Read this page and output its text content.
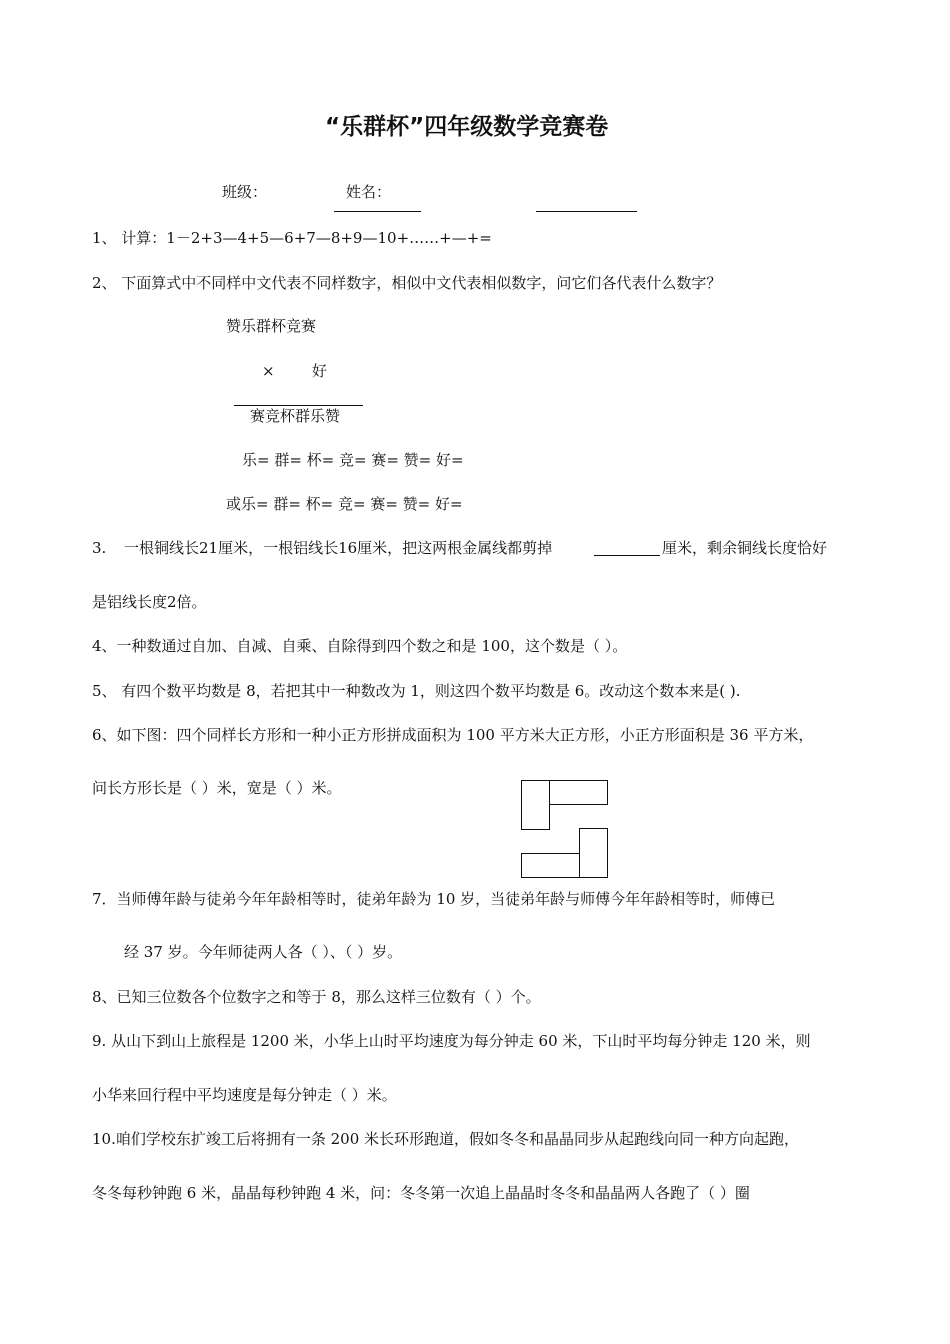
“乐群杯”四年级数学竞赛卷
班级：	姓名：
1、 计算：1－2+3—4+5—6+7—8+9—10+……+—+=
2、 下面算式中不同样中文代表不同样数字，相似中文代表相似数字，问它们各代表什么数字？
赞乐群杯竞赛
× 好
赛竞杯群乐赞
乐= 群= 杯= 竞= 赛= 赞= 好=
或乐= 群= 杯= 竞= 赛= 赞= 好=
3. 一根铜线长21厘米，一根铝线长16厘米，把这两根金属线都剪掉	厘米，剩余铜线长度恰好
是铝线长度2倍。
4、一种数通过自加、自减、自乘、自除得到四个数之和是 100，这个数是（ ）。
5、 有四个数平均数是 8，若把其中一种数改为 1，则这四个数平均数是 6。改动这个数本来是( ).
6、如下图：四个同样长方形和一种小正方形拼成面积为 100 平方米大正方形，小正方形面积是 36 平方米，
问长方形长是（ ）米，宽是（ ）米。
7．当师傅年龄与徒弟今年年龄相等时，徒弟年龄为 10 岁，当徒弟年龄与师傅今年年龄相等时，师傅已
经 37 岁。今年师徒两人各（ ）、（ ）岁。
8、已知三位数各个位数字之和等于 8，那么这样三位数有（ ）个。
9. 从山下到山上旅程是 1200 米，小华上山时平均速度为每分钟走 60 米，下山时平均每分钟走 120 米，则
小华来回行程中平均速度是每分钟走（ ）米。
10.咱们学校东扩竣工后将拥有一条 200 米长环形跑道，假如冬冬和晶晶同步从起跑线向同一种方向起跑，
冬冬每秒钟跑 6 米，晶晶每秒钟跑 4 米，问：冬冬第一次追上晶晶时冬冬和晶晶两人各跑了（ ）圈
